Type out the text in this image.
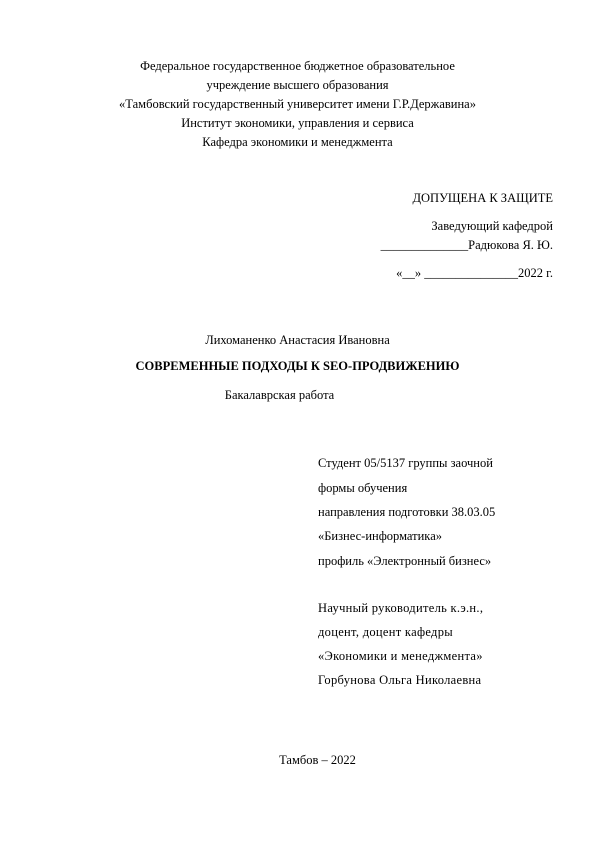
Федеральное государственное бюджетное образовательное
учреждение высшего образования
«Тамбовский государственный университет имени Г.Р.Державина»
Институт экономики, управления и сервиса
Кафедра экономики и менеджмента
ДОПУЩЕНА К ЗАЩИТЕ
Заведующий кафедрой
______________Радюкова Я. Ю.
«__» _______________2022 г.
Лихоманенко Анастасия Ивановна
СОВРЕМЕННЫЕ ПОДХОДЫ К SEO-ПРОДВИЖЕНИЮ
Бакалаврская работа
Студент 05/5137 группы заочной
формы обучения
направления подготовки 38.03.05
«Бизнес-информатика»
профиль «Электронный бизнес»
Научный руководитель к.э.н.,
доцент, доцент кафедры
«Экономики и менеджмента»
Горбунова Ольга Николаевна
Тамбов – 2022
